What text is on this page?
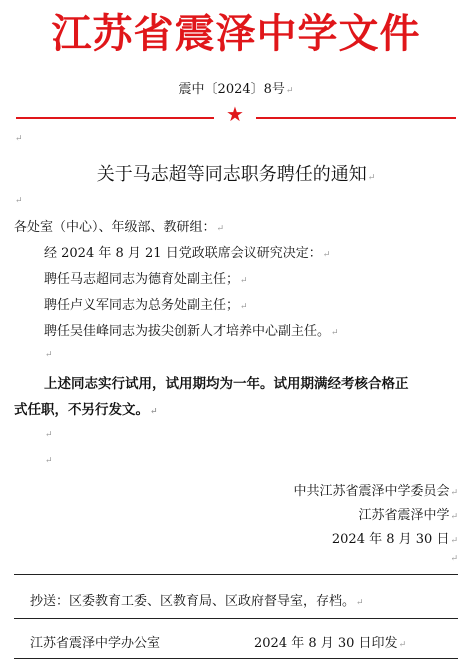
江苏省震泽中学文件
震中〔2024〕8号↵
★
↵
关于马志超等同志职务聘任的通知↵
↵
各处室（中心）、年级部、教研组：↵
经 2024 年 8 月 21 日党政联席会议研究决定：↵
聘任马志超同志为德育处副主任；↵
聘任卢义军同志为总务处副主任；↵
聘任吴佳峰同志为拔尖创新人才培养中心副主任。↵
↵
上述同志实行试用，试用期均为一年。试用期满经考核合格正
式任职，不另行发文。↵
↵
↵
中共江苏省震泽中学委员会↵
江苏省震泽中学↵
2024 年 8 月 30 日↵
↵
抄送：区委教育工委、区教育局、区政府督导室，存档。↵
江苏省震泽中学办公室	2024 年 8 月 30 日印发↵
